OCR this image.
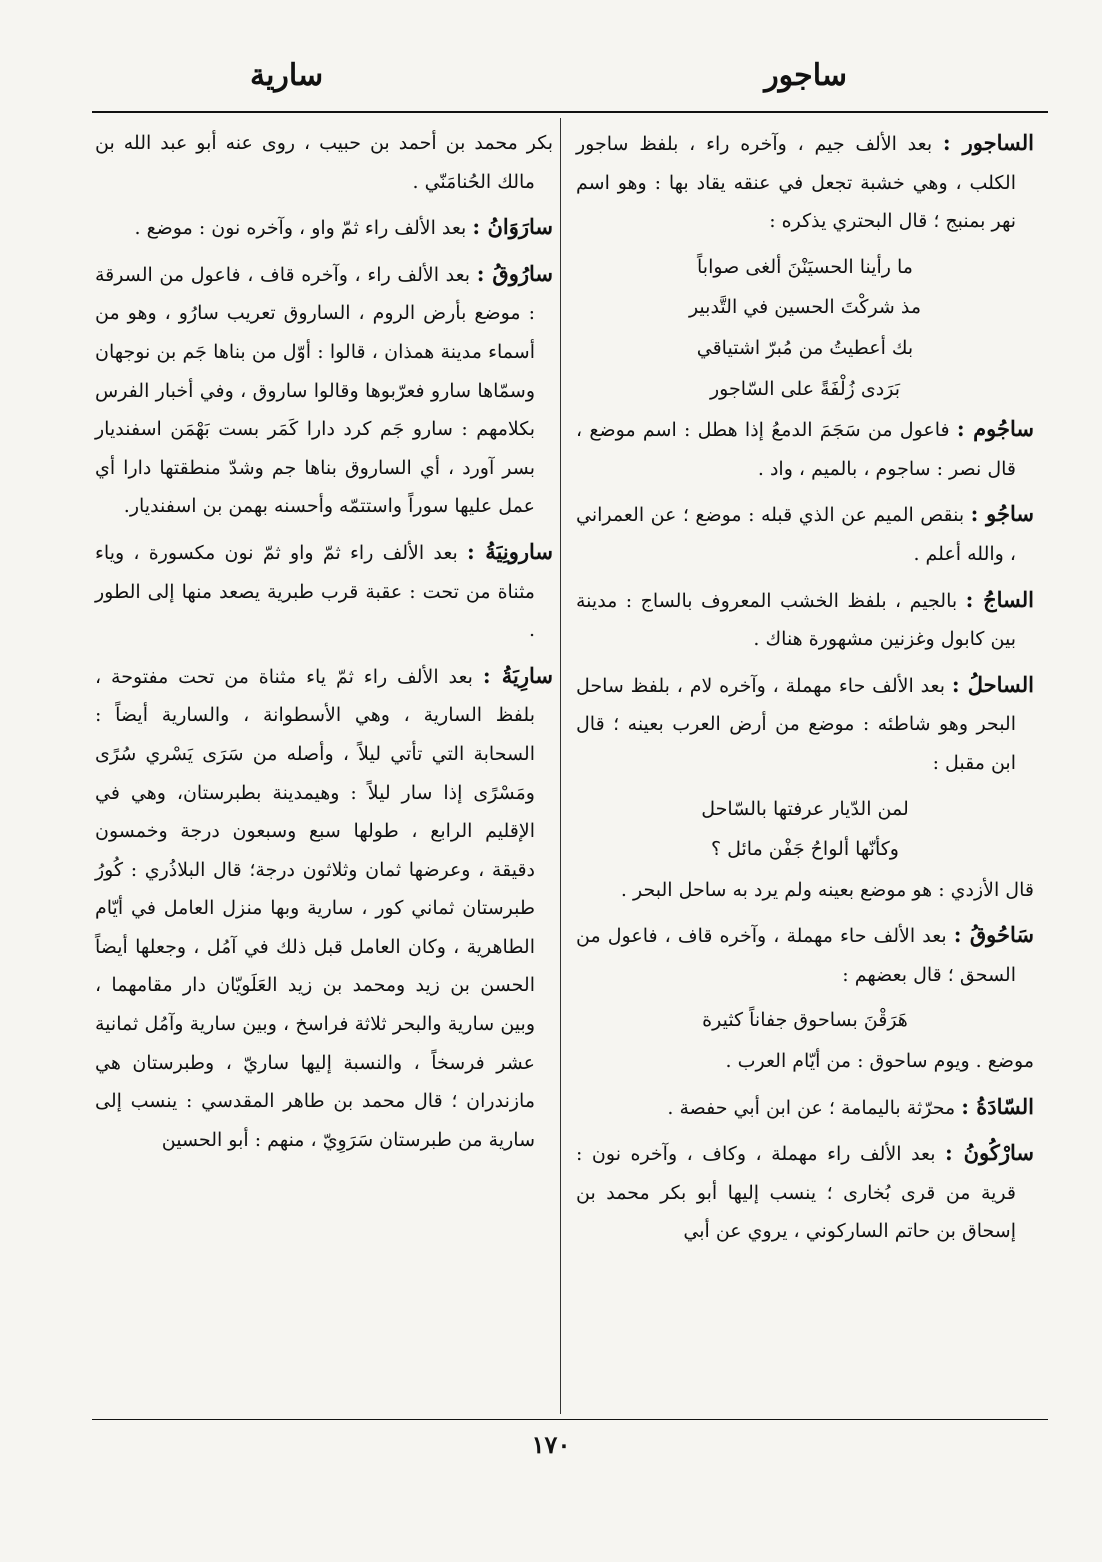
ساجور
سارية
الساجور : بعد الألف جيم ، وآخره راء ، بلفظ ساجور الكلب ، وهي خشبة تجعل في عنقه يقاد بها : وهو اسم نهر بمنبج ؛ قال البحتري يذكره :
ما رأينا الحسيَنْنَ ألغى صواباً
مذ شركْتَ الحسين في التَّدبير
بك أعطيتُ من مُبرّ اشتياقي
بَرَدى زُلْفَةً على السّاجور
ساجُوم : فاعول من سَجَمَ الدمعُ إذا هطل : اسم موضع ، قال نصر : ساجوم ، بالميم ، واد .
ساجُو : بنقص الميم عن الذي قبله : موضع ؛ عن العمراني ، والله أعلم .
الساجُ : بالجيم ، بلفظ الخشب المعروف بالساج : مدينة بين كابول وغزنين مشهورة هناك .
الساحلُ : بعد الألف حاء مهملة ، وآخره لام ، بلفظ ساحل البحر وهو شاطئه : موضع من أرض العرب بعينه ؛ قال ابن مقبل :
لمن الدّيار عرفتها بالسّاحل
وكأنّها ألواحُ جَفْن مائل ؟
قال الأزدي : هو موضع بعينه ولم يرد به ساحل البحر .
سَاحُوقُ : بعد الألف حاء مهملة ، وآخره قاف ، فاعول من السحق ؛ قال بعضهم :
هَرَقْنَ بساحوق جفاناً كثيرة
موضع . ويوم ساحوق : من أيّام العرب .
السّادَةُ : محرّثة باليمامة ؛ عن ابن أبي حفصة .
سارْكُونُ : بعد الألف راء مهملة ، وكاف ، وآخره نون : قرية من قرى بُخارى ؛ ينسب إليها أبو بكر محمد بن إسحاق بن حاتم الساركوني ، يروي عن أبي
بكر محمد بن أحمد بن حبيب ، روى عنه أبو عبد الله بن مالك الحُنامَنّي .
سارَوَانُ : بعد الألف راء ثمّ واو ، وآخره نون : موضع .
سارُوقُ : بعد الألف راء ، وآخره قاف ، فاعول من السرقة : موضع بأرض الروم ، الساروق تعريب سارُو ، وهو من أسماء مدينة همذان ، قالوا : أوّل من بناها جَم بن نوجهان وسمّاها سارو فعرّبوها وقالوا ساروق ، وفي أخبار الفرس بكلامهم : سارو جَم كرد دارا كَمَر بست بَهْمَن اسفنديار بسر آورد ، أي الساروق بناها جم وشدّ منطقتها دارا أي عمل عليها سوراً واستتمّه وأحسنه بهمن بن اسفنديار.
سارونِيَةُ : بعد الألف راء ثمّ واو ثمّ نون مكسورة ، وياء مثناة من تحت : عقبة قرب طبرية يصعد منها إلى الطور .
سارِيَةُ : بعد الألف راء ثمّ ياء مثناة من تحت مفتوحة ، بلفظ السارية ، وهي الأسطوانة ، والسارية أيضاً : السحابة التي تأتي ليلاً ، وأصله من سَرَى يَسْري سُرًى ومَسْرًى إذا سار ليلاً : وهيمدينة بطبرستان، وهي في الإقليم الرابع ، طولها سبع وسبعون درجة وخمسون دقيقة ، وعرضها ثمان وثلاثون درجة؛ قال البلاذُري : كُورُ طبرستان ثماني كور ، سارية وبها منزل العامل في أيّام الطاهرية ، وكان العامل قبل ذلك في آمُل ، وجعلها أيضاً الحسن بن زيد ومحمد بن زيد العَلَويّان دار مقامهما ، وبين سارية والبحر ثلاثة فراسخ ، وبين سارية وآمُل ثمانية عشر فرسخاً ، والنسبة إليها ساريّ ، وطبرستان هي مازندران ؛ قال محمد بن طاهر المقدسي : ينسب إلى سارية من طبرستان سَرَوِيّ ، منهم : أبو الحسين
١٧٠
